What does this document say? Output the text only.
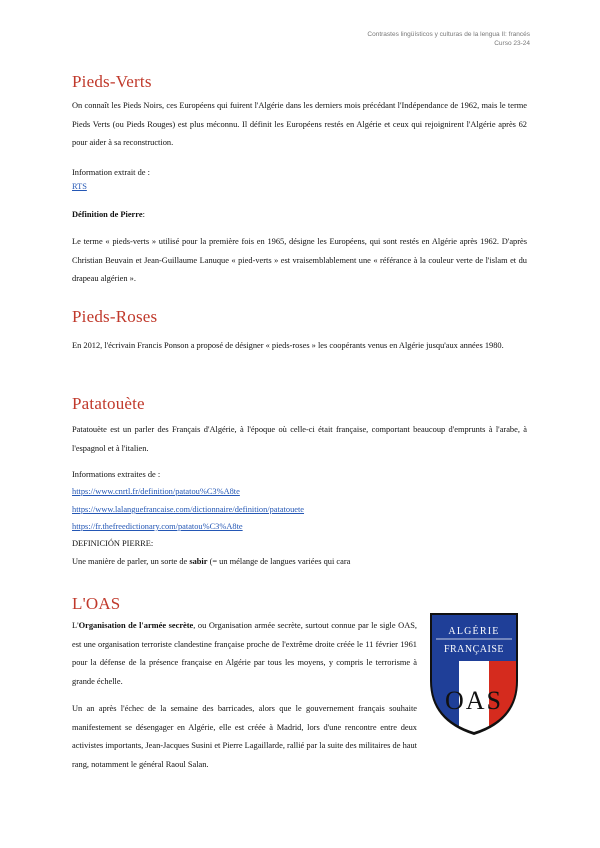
Contrastes lingüísticos y culturas de la lengua II: francés
Curso 23-24
Pieds-Verts

On connaît les Pieds Noirs, ces Européens qui fuirent l'Algérie dans les derniers mois précédant l'Indépendance de 1962, mais le terme Pieds Verts (ou Pieds Rouges) est plus méconnu. Il définit les Européens restés en Algérie et ceux qui rejoignirent l'Algérie après 62 pour aider à sa reconstruction.

Information extrait de :

RTS

Définition de Pierre:

Le terme « pieds-verts » utilisé pour la première fois en 1965, désigne les Européens, qui sont restés en Algérie après 1962. D'après Christian Beuvain et Jean-Guillaume Lanuque « pied-verts » est vraisemblablement une « référance à la couleur verte de l'islam et du drapeau algérien ».

Pieds-Roses

En 2012, l'écrivain Francis Ponson a proposé de désigner « pieds-roses » les coopérants venus en Algérie jusqu'aux années 1980.

Patatouète

Patatouète est un parler des Français d'Algérie, à l'époque où celle-ci était française, comportant beaucoup d'emprunts à l'arabe, à l'espagnol et à l'italien.

Informations extraites de :

https://www.cnrtl.fr/definition/patatou%C3%A8te

https://www.lalanguefrancaise.com/dictionnaire/definition/patatouete

https://fr.thefreedictionary.com/patatou%C3%A8te

DEFINICIÓN PIERRE:

Une manière de parler, un sorte de sabir (= un mélange de langues variées qui cara

L'OAS

L'Organisation de l'armée secrète, ou Organisation armée secrète, surtout connue par le sigle OAS, est une organisation terroriste clandestine française proche de l'extrême droite créée le 11 février 1961 pour la défense de la présence française en Algérie par tous les moyens, y compris le terrorisme à grande échelle.

Un an après l'échec de la semaine des barricades, alors que le gouvernement français souhaite manifestement se désengager en Algérie, elle est créée à Madrid, lors d'une rencontre entre deux activistes importants, Jean-Jacques Susini et Pierre Lagaillarde, rallié par la suite des militaires de haut rang, notamment le général Raoul Salan.

ALGÉRIE
FRANÇAISE
OAS
